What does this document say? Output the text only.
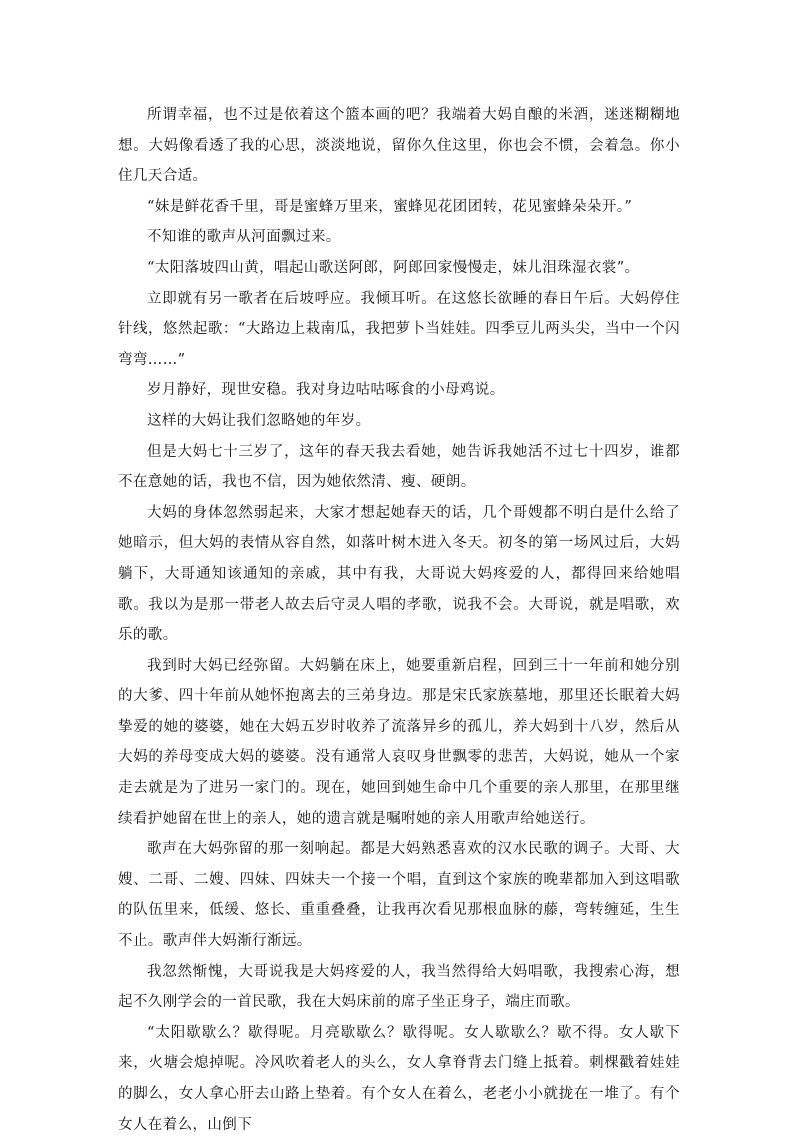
所谓幸福，也不过是依着这个篮本画的吧？我端着大妈自酿的米酒，迷迷糊糊地想。大妈像看透了我的心思，淡淡地说，留你久住这里，你也会不惯，会着急。你小住几天合适。

“妹是鲜花香千里，哥是蜜蜂万里来，蜜蜂见花团团转，花见蜜蜂朵朵开。”

不知谁的歌声从河面飘过来。

“太阳落坡四山黄，唱起山歌送阿郎，阿郎回家慢慢走，妹儿泪珠湿衣裳”。

立即就有另一歌者在后坡呼应。我倾耳听。在这悠长欲睡的春日午后。大妈停住针线，悠然起歌：“大路边上栽南瓜，我把萝卜当娃娃。四季豆儿两头尖，当中一个闪弯弯……”

岁月静好，现世安稳。我对身边咕咕啄食的小母鸡说。

这样的大妈让我们忽略她的年岁。

但是大妈七十三岁了，这年的春天我去看她，她告诉我她活不过七十四岁，谁都不在意她的话，我也不信，因为她依然清、瘦、硬朗。

大妈的身体忽然弱起来，大家才想起她春天的话，几个哥嫂都不明白是什么给了她暗示，但大妈的表情从容自然，如落叶树木进入冬天。初冬的第一场风过后，大妈躺下，大哥通知该通知的亲戚，其中有我，大哥说大妈疼爱的人，都得回来给她唱歌。我以为是那一带老人故去后守灵人唱的孝歌，说我不会。大哥说，就是唱歌，欢乐的歌。

我到时大妈已经弥留。大妈躺在床上，她要重新启程，回到三十一年前和她分别的大爹、四十年前从她怀抱离去的三弟身边。那是宋氏家族墓地，那里还长眠着大妈挚爱的她的婆婆，她在大妈五岁时收养了流落异乡的孤儿，养大妈到十八岁，然后从大妈的养母变成大妈的婆婆。没有通常人哀叹身世飘零的悲苦，大妈说，她从一个家走去就是为了进另一家门的。现在，她回到她生命中几个重要的亲人那里，在那里继续看护她留在世上的亲人，她的遗言就是嘱咐她的亲人用歌声给她送行。

歌声在大妈弥留的那一刻响起。都是大妈熟悉喜欢的汉水民歌的调子。大哥、大嫂、二哥、二嫂、四妹、四妹夫一个接一个唱，直到这个家族的晚辈都加入到这唱歌的队伍里来，低缓、悠长、重重叠叠，让我再次看见那根血脉的藤，弯转缠延，生生不止。歌声伴大妈渐行渐远。

我忽然惭愧，大哥说我是大妈疼爱的人，我当然得给大妈唱歌，我搜索心海，想起不久刚学会的一首民歌，我在大妈床前的席子坐正身子，端庄而歌。

“太阳歇歇么？歇得呢。月亮歇歇么？歇得呢。女人歇歇么？歇不得。女人歇下来，火塘会熄掉呢。冷风吹着老人的头么，女人拿脊背去门缝上抵着。刺棵戳着娃娃的脚么，女人拿心肝去山路上垫着。有个女人在着么，老老小小就拢在一堆了。有个女人在着么，山倒下
